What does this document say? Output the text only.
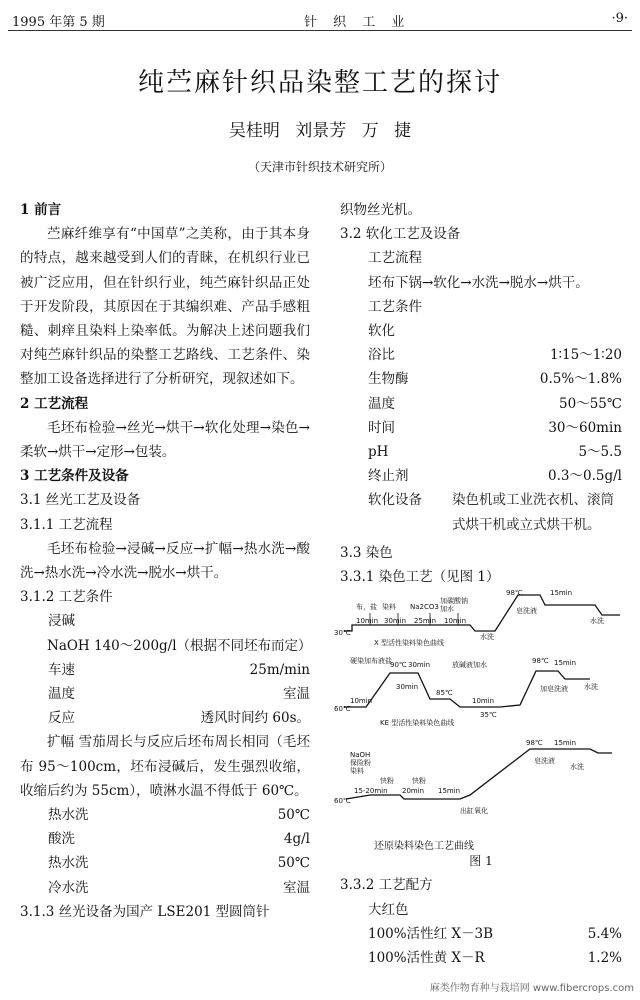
1995 年第 5 期	针 织 工 业	·9·
纯苎麻针织品染整工艺的探讨
吴桂明 刘景芳 万 捷
（天津市针织技术研究所）
1 前言

苎麻纤维享有“中国草”之美称，由于其本身的特点，越来越受到人们的青睐，在机织行业已被广泛应用，但在针织行业，纯苎麻针织品正处于开发阶段，其原因在于其编织难、产品手感粗糙、刺痒且染料上染率低。为解决上述问题我们对纯苎麻针织品的染整工艺路线、工艺条件、染整加工设备选择进行了分析研究，现叙述如下。

2 工艺流程

毛坯布检验→丝光→烘干→软化处理→染色→柔软→烘干→定形→包装。

3 工艺条件及设备
3.1 丝光工艺及设备
3.1.1 工艺流程

毛坯布检验→浸碱→反应→扩幅→热水洗→酸洗→热水洗→冷水洗→脱水→烘干。

3.1.2 工艺条件
浸碱

NaOH 140～200g/l（根据不同坯布而定）

车速	25m/min
温度	室温
反应	透风时间约 60s。

扩幅 雪茄周长与反应后坯布周长相同（毛坯布 95～100cm，坯布浸碱后，发生强烈收缩，收缩后约为 55cm），喷淋水温不得低于 60℃。

热水洗	50℃
酸洗	4g/l
热水洗	50℃
冷水洗	室温
3.1.3 丝光设备为国产 LSE201 型圆筒针
织物丝光机。
3.2 软化工艺及设备
工艺流程
坯布下锅→软化→水洗→脱水→烘干。
工艺条件
软化
浴比	1∶15～1∶20
生物酶	0.5%～1.8%
温度	50～55℃
时间	30～60min
pH	5～5.5
终止剂	0.3～0.5g/l
软化设备	染色机或工业洗衣机、滚筒式烘干机或立式烘干机。
3.3 染色
3.3.1 染色工艺（见图 1）
布，盐 染料 Na2CO3
加碳酸钠
加水
10min 30min 25min 10min
98℃	15min
皂洗液
水洗
30℃	水洗
X 型活性染料染色曲线
硬染加布液盐
90℃ 30min	放碱液加水	98℃ 15min
60℃
10min
30min
85℃
10min
加皂洗液 水洗
35℃
KE 型活性染料染色曲线
NaOH
保险粉
染料
快粉	快粉
98℃ 15min
皂洗液
水洗
60℃
15-20min 20min 15min
出缸氧化
还原染料染色工艺曲线
图 1
3.3.2 工艺配方
大红色
100%活性红 X－3B	5.4%
100%活性黄 X－R	1.2%
麻类作物育种与栽培网 www.fibercrops.com
